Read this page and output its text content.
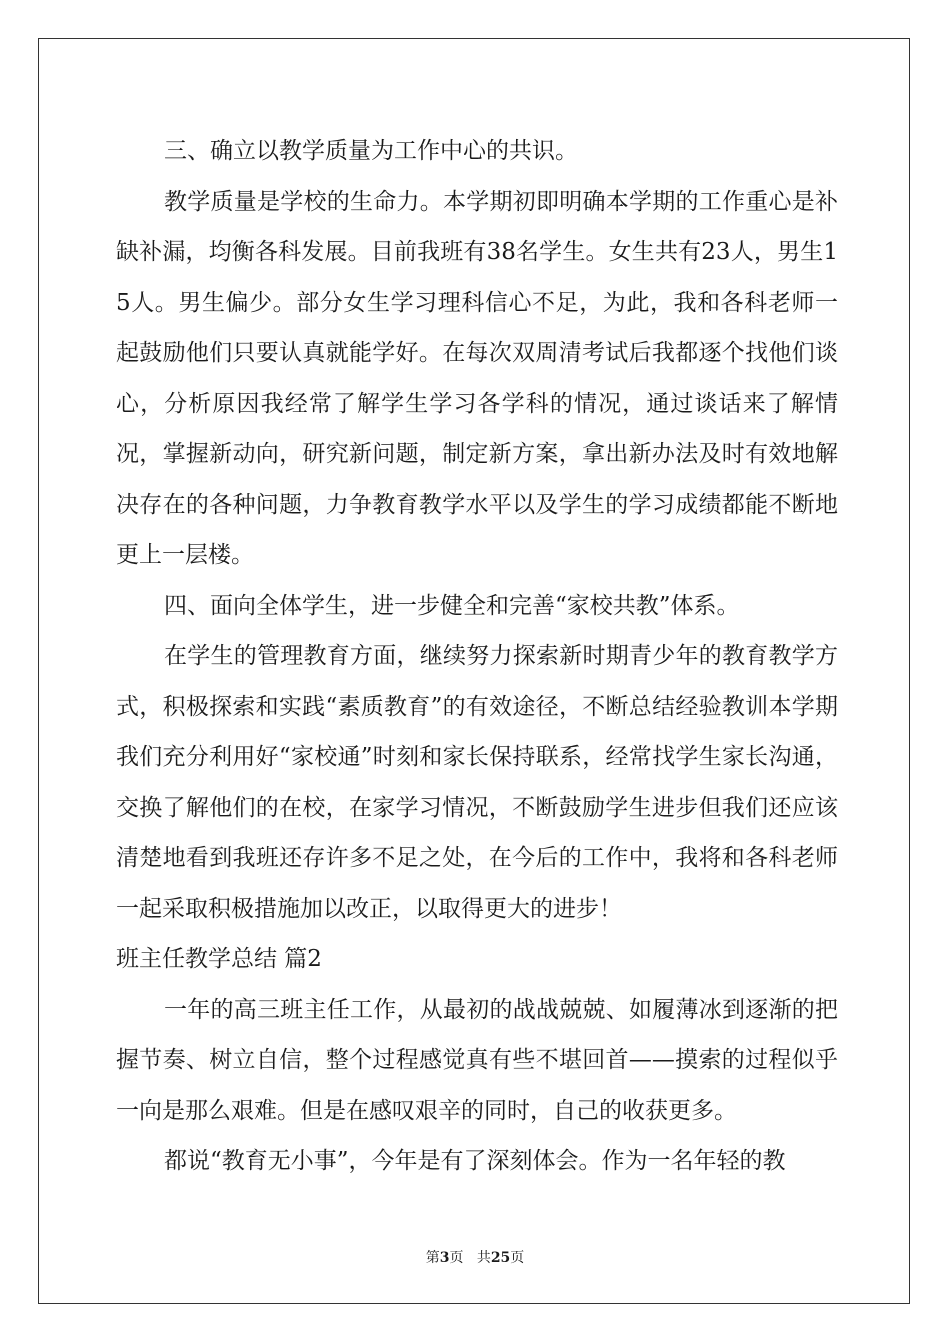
三、确立以教学质量为工作中心的共识。

教学质量是学校的生命力。本学期初即明确本学期的工作重心是补缺补漏，均衡各科发展。目前我班有38名学生。女生共有23人，男生15人。男生偏少。部分女生学习理科信心不足，为此，我和各科老师一起鼓励他们只要认真就能学好。在每次双周清考试后我都逐个找他们谈心，分析原因我经常了解学生学习各学科的情况，通过谈话来了解情况，掌握新动向，研究新问题，制定新方案，拿出新办法及时有效地解决存在的各种问题，力争教育教学水平以及学生的学习成绩都能不断地更上一层楼。

四、面向全体学生，进一步健全和完善“家校共教”体系。

在学生的管理教育方面，继续努力探索新时期青少年的教育教学方式，积极探索和实践“素质教育”的有效途径，不断总结经验教训本学期我们充分利用好“家校通”时刻和家长保持联系，经常找学生家长沟通，交换了解他们的在校，在家学习情况，不断鼓励学生进步但我们还应该清楚地看到我班还存许多不足之处，在今后的工作中，我将和各科老师一起采取积极措施加以改正，以取得更大的进步！

班主任教学总结 篇2

一年的高三班主任工作，从最初的战战兢兢、如履薄冰到逐渐的把握节奏、树立自信，整个过程感觉真有些不堪回首——摸索的过程似乎一向是那么艰难。但是在感叹艰辛的同时，自己的收获更多。

都说“教育无小事”，今年是有了深刻体会。作为一名年轻的教

第3页 共25页
